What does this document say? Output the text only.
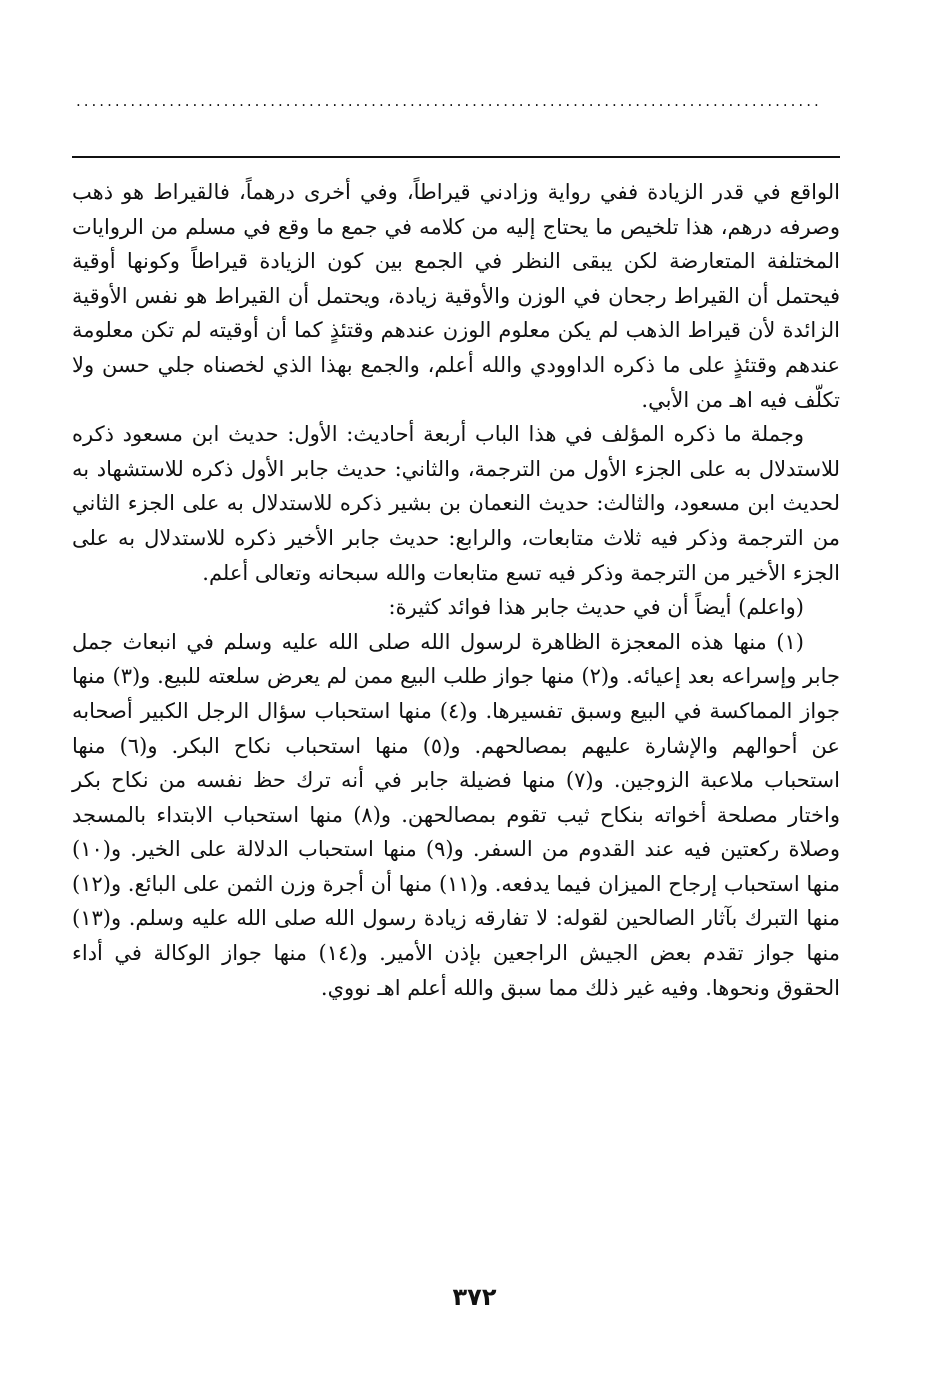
................................................................................................

الواقع في قدر الزيادة ففي رواية وزادني قيراطاً، وفي أخرى درهماً، فالقيراط هو ذهب وصرفه درهم، هذا تلخيص ما يحتاج إليه من كلامه في جمع ما وقع في مسلم من الروايات المختلفة المتعارضة لكن يبقى النظر في الجمع بين كون الزيادة قيراطاً وكونها أوقية فيحتمل أن القيراط رجحان في الوزن والأوقية زيادة، ويحتمل أن القيراط هو نفس الأوقية الزائدة لأن قيراط الذهب لم يكن معلوم الوزن عندهم وقتئذٍ كما أن أوقيته لم تكن معلومة عندهم وقتئذٍ على ما ذكره الداوودي والله أعلم، والجمع بهذا الذي لخصناه جلي حسن ولا تكلّف فيه اهـ من الأبي.

وجملة ما ذكره المؤلف في هذا الباب أربعة أحاديث: الأول: حديث ابن مسعود ذكره للاستدلال به على الجزء الأول من الترجمة، والثاني: حديث جابر الأول ذكره للاستشهاد به لحديث ابن مسعود، والثالث: حديث النعمان بن بشير ذكره للاستدلال به على الجزء الثاني من الترجمة وذكر فيه ثلاث متابعات، والرابع: حديث جابر الأخير ذكره للاستدلال به على الجزء الأخير من الترجمة وذكر فيه تسع متابعات والله سبحانه وتعالى أعلم.

(واعلم) أيضاً أن في حديث جابر هذا فوائد كثيرة:

(١) منها هذه المعجزة الظاهرة لرسول الله صلى الله عليه وسلم في انبعاث جمل جابر وإسراعه بعد إعيائه. و(٢) منها جواز طلب البيع ممن لم يعرض سلعته للبيع. و(٣) منها جواز المماكسة في البيع وسبق تفسيرها. و(٤) منها استحباب سؤال الرجل الكبير أصحابه عن أحوالهم والإشارة عليهم بمصالحهم. و(٥) منها استحباب نكاح البكر. و(٦) منها استحباب ملاعبة الزوجين. و(٧) منها فضيلة جابر في أنه ترك حظ نفسه من نكاح بكر واختار مصلحة أخواته بنكاح ثيب تقوم بمصالحهن. و(٨) منها استحباب الابتداء بالمسجد وصلاة ركعتين فيه عند القدوم من السفر. و(٩) منها استحباب الدلالة على الخير. و(١٠) منها استحباب إرجاح الميزان فيما يدفعه. و(١١) منها أن أجرة وزن الثمن على البائع. و(١٢) منها التبرك بآثار الصالحين لقوله: لا تفارقه زيادة رسول الله صلى الله عليه وسلم. و(١٣) منها جواز تقدم بعض الجيش الراجعين بإذن الأمير. و(١٤) منها جواز الوكالة في أداء الحقوق ونحوها. وفيه غير ذلك مما سبق والله أعلم اهـ نووي.

٣٧٢
